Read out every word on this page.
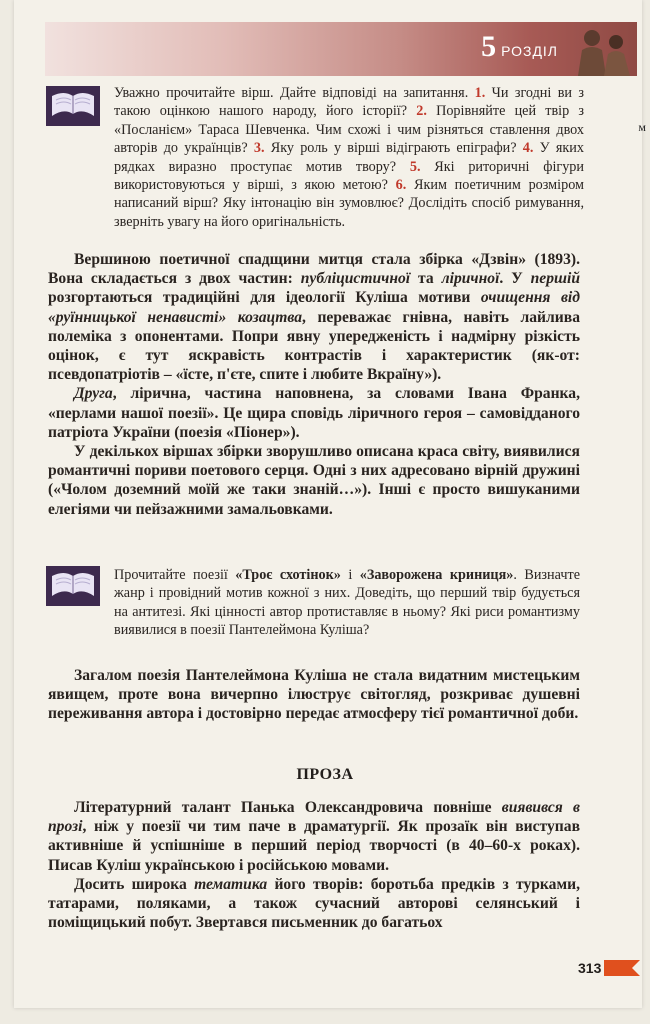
5 РОЗДІЛ
м
Уважно прочитайте вірш. Дайте відповіді на запитання. 1. Чи згодні ви з такою оцінкою нашого народу, його історії? 2. Порівняйте цей твір з «Посланієм» Тараса Шевченка. Чим схожі і чим різняться ставлення двох авторів до українців? 3. Яку роль у вірші відіграють епіграфи? 4. У яких рядках виразно проступає мотив твору? 5. Які риторичні фігури використовуються у вірші, з якою метою? 6. Яким поетичним розміром написаний вірш? Яку інтонацію він зумовлює? Дослідіть спосіб римування, зверніть увагу на його оригінальність.

Вершиною поетичної спадщини митця стала збірка «Дзвін» (1893). Вона складається з двох частин: публіцистичної та ліричної. У першій розгортаються традиційні для ідеології Куліша мотиви очищення від «руїнницької ненависті» козацтва, переважає гнівна, навіть лайлива полеміка з опонентами. Попри явну упередженість і надмірну різкість оцінок, є тут яскравість контрастів і характеристик (як-от: псевдопатріотів – «їсте, п'єте, спите і любите Вкраїну»).

Друга, лірична, частина наповнена, за словами Івана Франка, «перлами нашої поезії». Це щира сповідь ліричного героя – самовідданого патріота України (поезія «Піонер»).

У декількох віршах збірки зворушливо описана краса світу, виявилися романтичні пориви поетового серця. Одні з них адресовано вірній дружині («Чолом доземний моїй же таки знаній…»). Інші є просто вишуканими елегіями чи пейзажними замальовками.

Прочитайте поезії «Троє схотінок» і «Заворожена криниця». Визначте жанр і провідний мотив кожної з них. Доведіть, що перший твір будується на антитезі. Які цінності автор протиставляє в ньому? Які риси романтизму виявилися в поезії Пантелеймона Куліша?

Загалом поезія Пантелеймона Куліша не стала видатним мистецьким явищем, проте вона вичерпно ілюструє світогляд, розкриває душевні переживання автора і достовірно передає атмосферу тієї романтичної доби.

ПРОЗА

Літературний талант Панька Олександровича повніше виявився в прозі, ніж у поезії чи тим паче в драматургії. Як прозаїк він виступав активніше й успішніше в перший період творчості (в 40–60-х роках). Писав Куліш українською і російською мовами.

Досить широка тематика його творів: боротьба предків з турками, татарами, поляками, а також сучасний авторові селянський і поміщицький побут. Звертався письменник до багатьох

313
